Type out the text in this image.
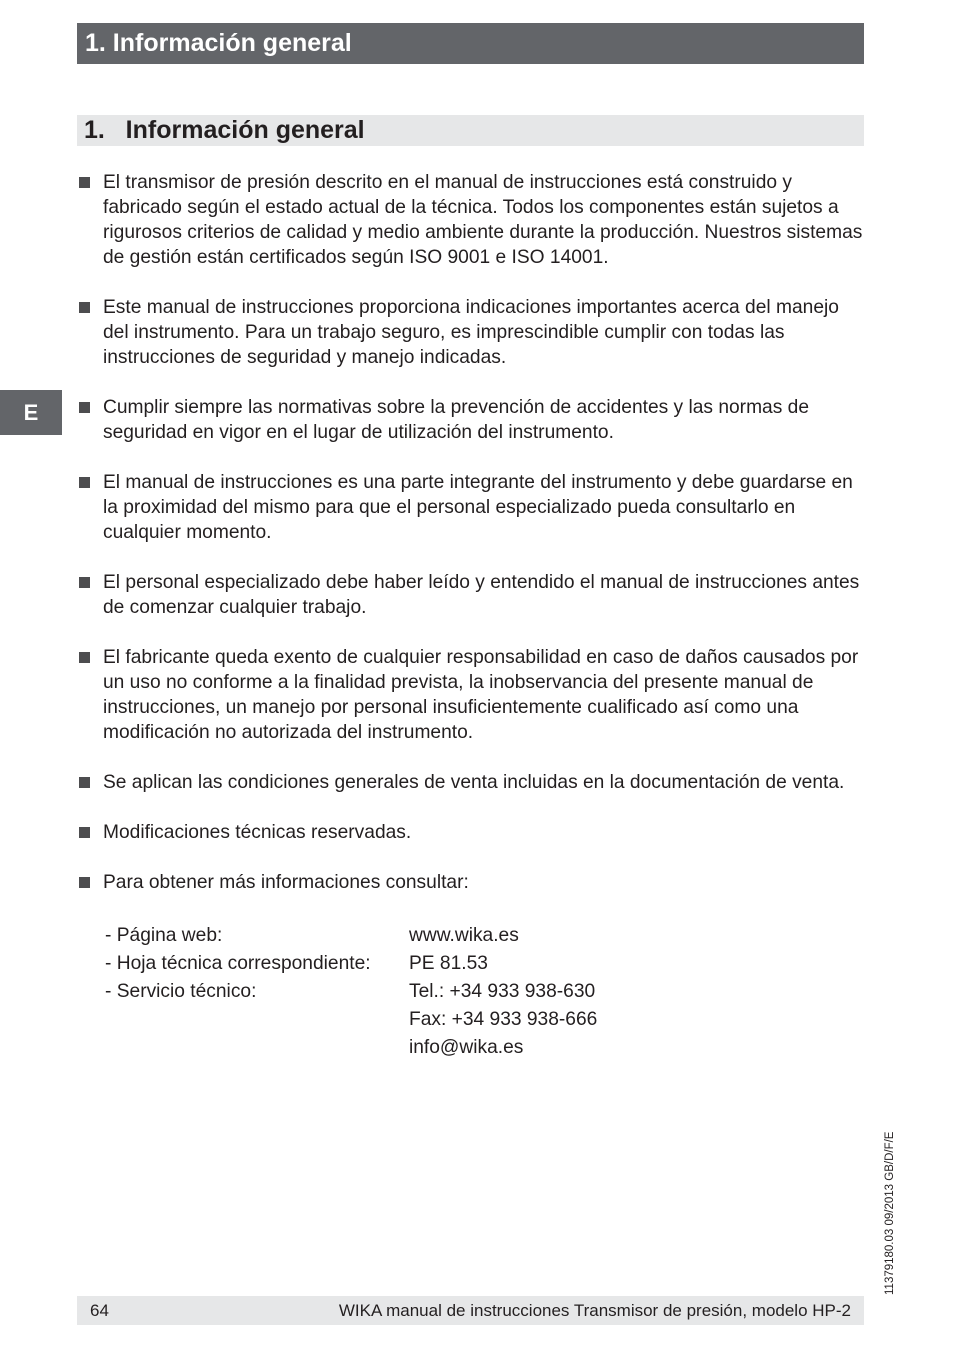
1. Información general
1.   Información general
E
El transmisor de presión descrito en el manual de instrucciones está construido y fabricado según el estado actual de la técnica. Todos los componentes están sujetos a rigurosos criterios de calidad y medio ambiente durante la producción. Nuestros sistemas de gestión están certificados según ISO 9001 e ISO 14001.
Este manual de instrucciones proporciona indicaciones importantes acerca del manejo del instrumento. Para un trabajo seguro, es imprescindible cumplir con todas las instrucciones de seguridad y manejo indicadas.
Cumplir siempre las normativas sobre la prevención de accidentes y las normas de seguridad en vigor en el lugar de utilización del instrumento.
El manual de instrucciones es una parte integrante del instrumento y debe guardarse en la proximidad del mismo para que el personal especializado pueda consultarlo en cualquier momento.
El personal especializado debe haber leído y entendido el manual de instrucciones antes de comenzar cualquier trabajo.
El fabricante queda exento de cualquier responsabilidad en caso de daños causados por un uso no conforme a la finalidad prevista, la inobservancia del presente manual de instrucciones, un manejo por personal insuficientemente cualificado así como una modificación no autorizada del instrumento.
Se aplican las condiciones generales de venta incluidas en la documentación de venta.
Modificaciones técnicas reservadas.
Para obtener más informaciones consultar:
- Página web:	www.wika.es
- Hoja técnica correspondiente: PE 81.53
- Servicio técnico:	Tel.: +34 933 938-630
Fax: +34 933 938-666
info@wika.es
11379180.03 09/2013 GB/D/F/E
64	WIKA manual de instrucciones Transmisor de presión, modelo HP-2
